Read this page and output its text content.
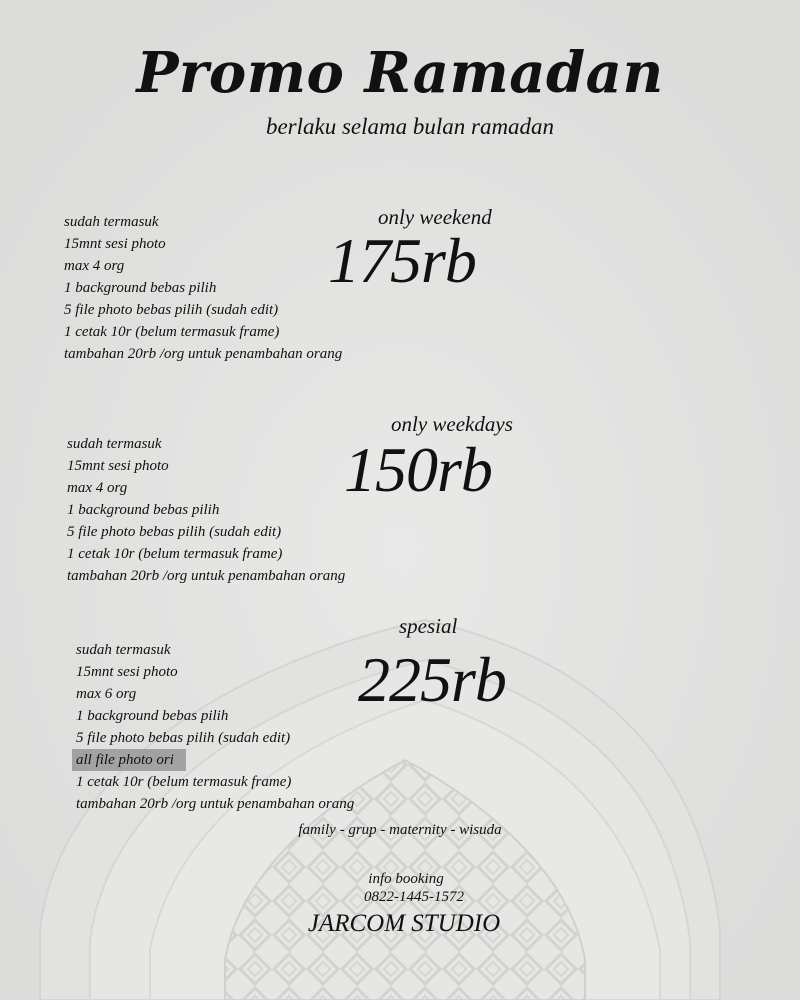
Promo Ramadan
berlaku selama bulan ramadan
sudah termasuk
15mnt sesi photo
max 4 org
1 background bebas pilih
5 file photo bebas pilih (sudah edit)
1 cetak 10r (belum termasuk frame)
tambahan 20rb /org untuk penambahan orang
only weekend
175rb
sudah termasuk
15mnt sesi photo
max 4 org
1 background bebas pilih
5 file photo bebas pilih (sudah edit)
1 cetak 10r (belum termasuk frame)
tambahan 20rb /org untuk penambahan orang
only weekdays
150rb
sudah termasuk
15mnt sesi photo
max 6 org
1 background bebas pilih
5 file photo bebas pilih (sudah edit)
all file photo ori
1 cetak 10r (belum termasuk frame)
tambahan 20rb /org untuk penambahan orang
spesial
225rb
family - grup - maternity - wisuda
info booking
0822-1445-1572
JARCOM STUDIO
